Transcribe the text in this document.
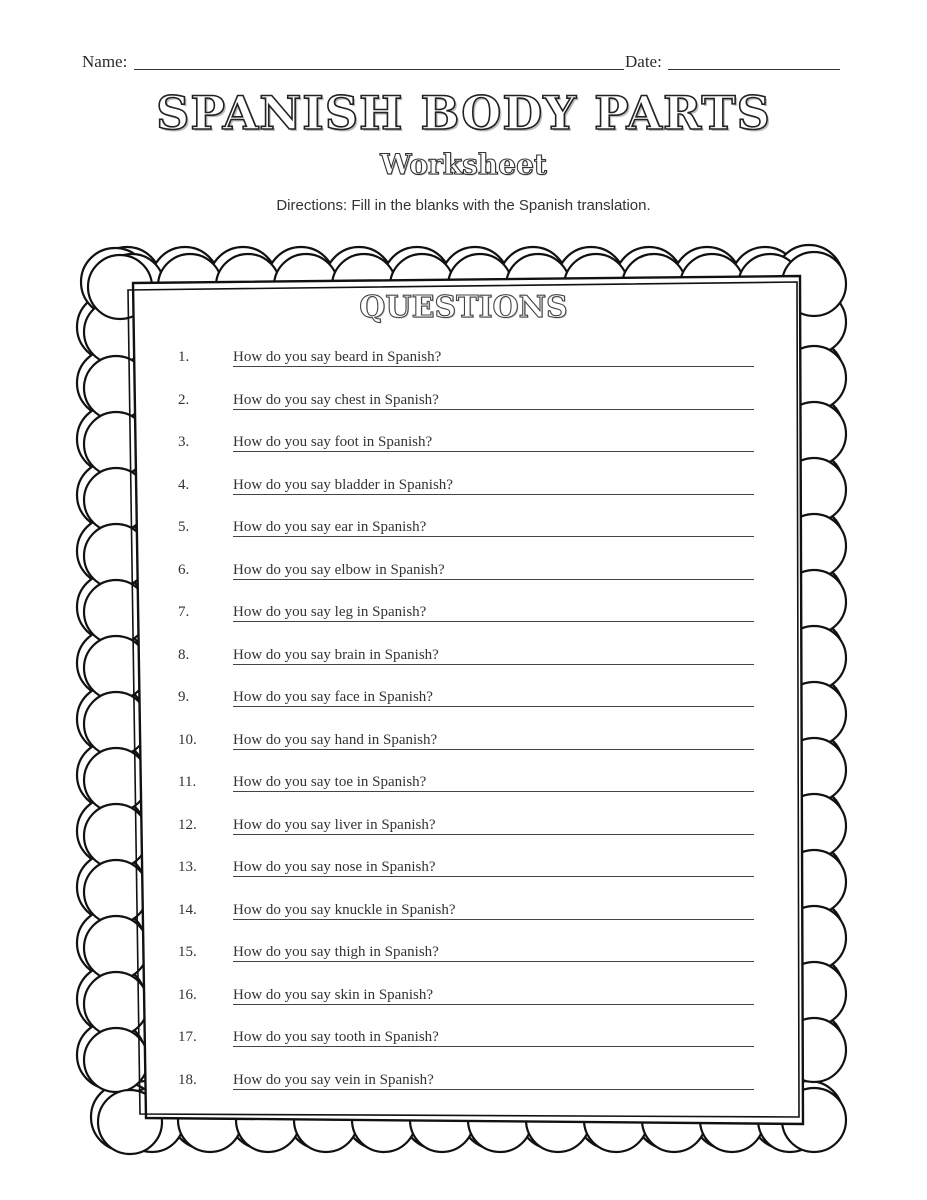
Name:	Date:
SPANISH BODY PARTS
Worksheet
Directions: Fill in the blanks with the Spanish translation.
QUESTIONS
1.	How do you say beard in Spanish?
2.	How do you say chest in Spanish?
3.	How do you say foot in Spanish?
4.	How do you say bladder in Spanish?
5.	How do you say ear in Spanish?
6.	How do you say elbow in Spanish?
7.	How do you say leg in Spanish?
8.	How do you say brain in Spanish?
9.	How do you say face in Spanish?
10.	How do you say hand in Spanish?
11.	How do you say toe in Spanish?
12.	How do you say liver in Spanish?
13.	How do you say nose in Spanish?
14.	How do you say knuckle in Spanish?
15.	How do you say thigh in Spanish?
16.	How do you say skin in Spanish?
17.	How do you say tooth in Spanish?
18.	How do you say vein in Spanish?
